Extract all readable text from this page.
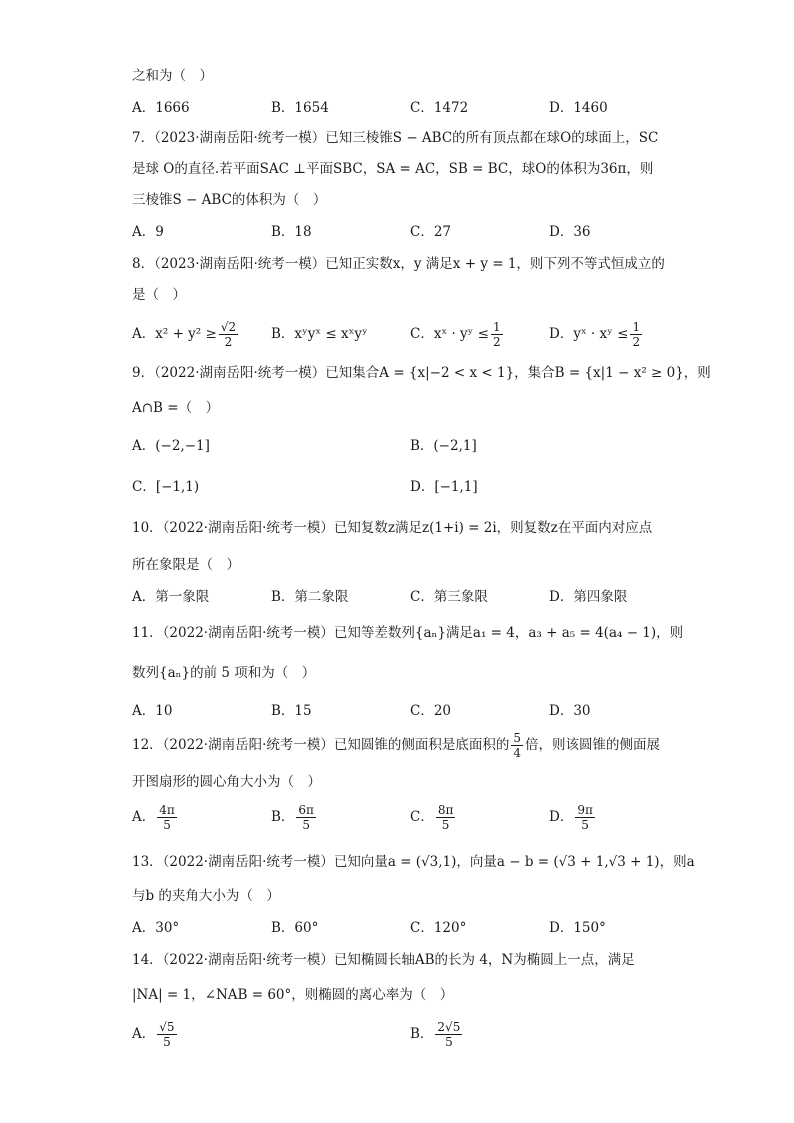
之和为（　）
A．1666	B．1654	C．1472	D．1460
7．（2023·湖南岳阳·统考一模）已知三棱锥S − ABC的所有顶点都在球O的球面上，SC
是球 O的直径.若平面SAC ⊥平面SBC，SA = AC，SB = BC，球O的体积为36π，则
三棱锥S − ABC的体积为（　）
A．9	B．18	C．27	D．36
8．（2023·湖南岳阳·统考一模）已知正实数x，y 满足x + y = 1，则下列不等式恒成立的
是（　）
A．$x^2 + y^2 \ge \frac{√2}{2}$ B．xʸyˣ ≤ xˣyʸ	C．xˣ · yʸ ≤ $\frac{1}{2}$	D．yˣ · xʸ ≤ $\frac{1}{2}$
9．（2022·湖南岳阳·统考一模）已知集合A = {x|−2 < x < 1}，集合B = {x|1 − x² ≥ 0}，则
A∩B =（　）
A．(−2,−1]	B．(−2,1]
C．[−1,1)	D．[−1,1]
10．（2022·湖南岳阳·统考一模）已知复数z满足z(1+i) = 2i，则复数z在平面内对应点
所在象限是（　）
A．第一象限	B．第二象限	C．第三象限	D．第四象限
11．（2022·湖南岳阳·统考一模）已知等差数列{aₙ}满足a₁ = 4，a₃ + a₅ = 4(a₄ − 1)，则
数列{aₙ}的前 5 项和为（　）
A．10	B．15	C．20	D．30
12．（2022·湖南岳阳·统考一模）已知圆锥的侧面积是底面积的 $\frac{5}{4}$ 倍，则该圆锥的侧面展
开图扇形的圆心角大小为（　）
A． $\frac{4\pi}{5}$	B． $\frac{6\pi}{5}$	C． $\frac{8\pi}{5}$	D． $\frac{9\pi}{5}$
13．（2022·湖南岳阳·统考一模）已知向量a = (√3,1)，向量a − b = (√3 + 1,√3 + 1)，则a
与b 的夹角大小为（　）
A．30°	B．60°	C．120°	D．150°
14．（2022·湖南岳阳·统考一模）已知椭圆长轴AB的长为 4，N为椭圆上一点，满足
|NA| = 1，∠NAB = 60°，则椭圆的离心率为（　）
A． $\frac{√5}{5}$	B． $\frac{2√5}{5}$
